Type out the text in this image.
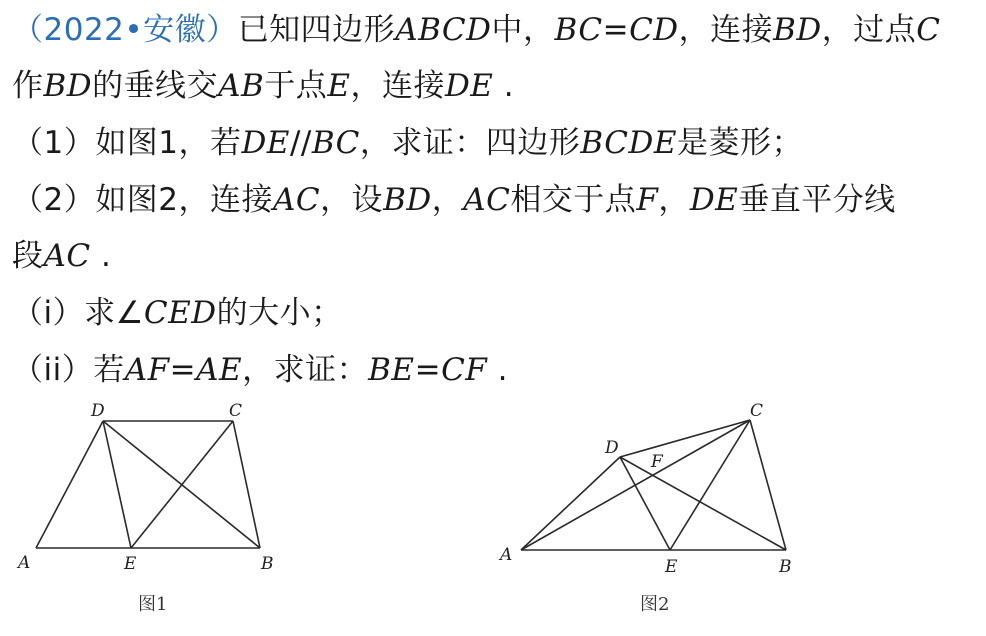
（2022•安徽）已知四边形ABCD中，BC=CD，连接BD，过点C
作BD的垂线交AB于点E，连接DE .
（1）如图1，若DE//BC，求证：四边形BCDE是菱形；
（2）如图2，连接AC，设BD，AC相交于点F，DE垂直平分线
段AC .
（i）求∠CED的大小；
（ii）若AF=AE，求证：BE=CF .
D	C
A	E	B
C
D
F
A
E	B
图1	图2
